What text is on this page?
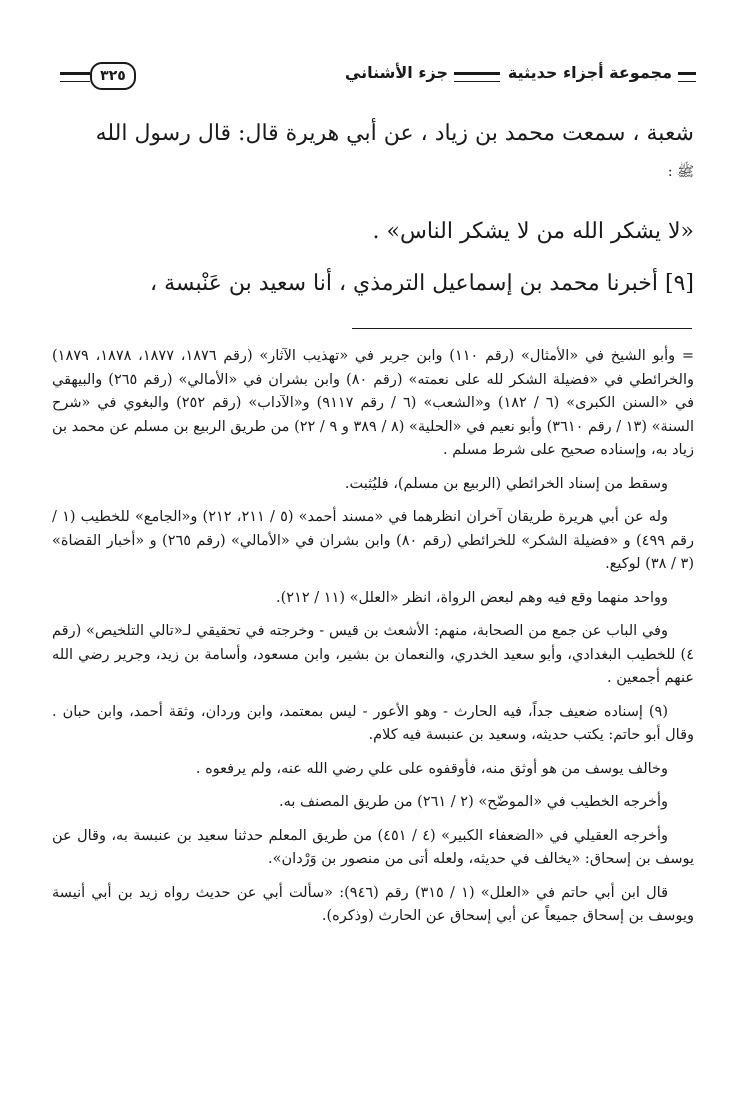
مجموعة أجزاء حديثية
جزء الأشناني
٣٢٥
شعبة ، سمعت محمد بن زياد ، عن أبي هريرة قال: قال رسول الله
ﷺ :
«لا يشكر الله من لا يشكر الناس» .
[٩] أخبرنا محمد بن إسماعيل الترمذي ، أنا سعيد بن عَنْبسة ،

= وأبو الشيخ في «الأمثال» (رقم ١١٠) وابن جرير في «تهذيب الآثار» (رقم ١٨٧٦، ١٨٧٧، ١٨٧٨، ١٨٧٩) والخرائطي في «فضيلة الشكر لله على نعمته» (رقم ٨٠) وابن بشران في «الأمالي» (رقم ٢٦٥) والبيهقي في «السنن الكبرى» (٦ / ١٨٢) و«الشعب» (٦ / رقم ٩١١٧) و«الآداب» (رقم ٢٥٢) والبغوي في «شرح السنة» (١٣ / رقم ٣٦١٠) وأبو نعيم في «الحلية» (٨ / ٣٨٩ و ٩ / ٢٢) من طريق الربيع بن مسلم عن محمد بن زياد به، وإسناده صحيح على شرط مسلم .

وسقط من إسناد الخرائطي (الربيع بن مسلم)، فليُثبت.

وله عن أبي هريرة طريقان آخران انظرهما في «مسند أحمد» (٥ / ٢١١، ٢١٢) و«الجامع» للخطيب (١ / رقم ٤٩٩) و «فضيلة الشكر» للخرائطي (رقم ٨٠) وابن بشران في «الأمالي» (رقم ٢٦٥) و «أخبار القضاة» (٣ / ٣٨) لوكيع.

وواحد منهما وقع فيه وهم لبعض الرواة، انظر «العلل» (١١ / ٢١٢).

وفي الباب عن جمع من الصحابة، منهم: الأشعث بن قيس - وخرجته في تحقيقي لـ«تالي التلخيص» (رقم ٤) للخطيب البغدادي، وأبو سعيد الخدري، والنعمان بن بشير، وابن مسعود، وأسامة بن زيد، وجرير رضي الله عنهم أجمعين .

(٩) إسناده ضعيف جداً، فيه الحارث - وهو الأعور - ليس بمعتمد، وابن وردان، وثقة أحمد، وابن حبان . وقال أبو حاتم: يكتب حديثه، وسعيد بن عنبسة فيه كلام.

وخالف يوسف من هو أوثق منه، فأوقفوه على علي رضي الله عنه، ولم يرفعوه .

وأخرجه الخطيب في «الموضّح» (٢ / ٢٦١) من طريق المصنف به.

وأخرجه العقيلي في «الضعفاء الكبير» (٤ / ٤٥١) من طريق المعلم حدثنا سعيد بن عنبسة به، وقال عن يوسف بن إسحاق: «يخالف في حديثه، ولعله أتى من منصور بن وَرْدان».

قال ابن أبي حاتم في «العلل» (١ / ٣١٥) رقم (٩٤٦): «سألت أبي عن حديث رواه زيد بن أبي أنيسة ويوسف بن إسحاق جميعاً عن أبي إسحاق عن الحارث (وذكره).
